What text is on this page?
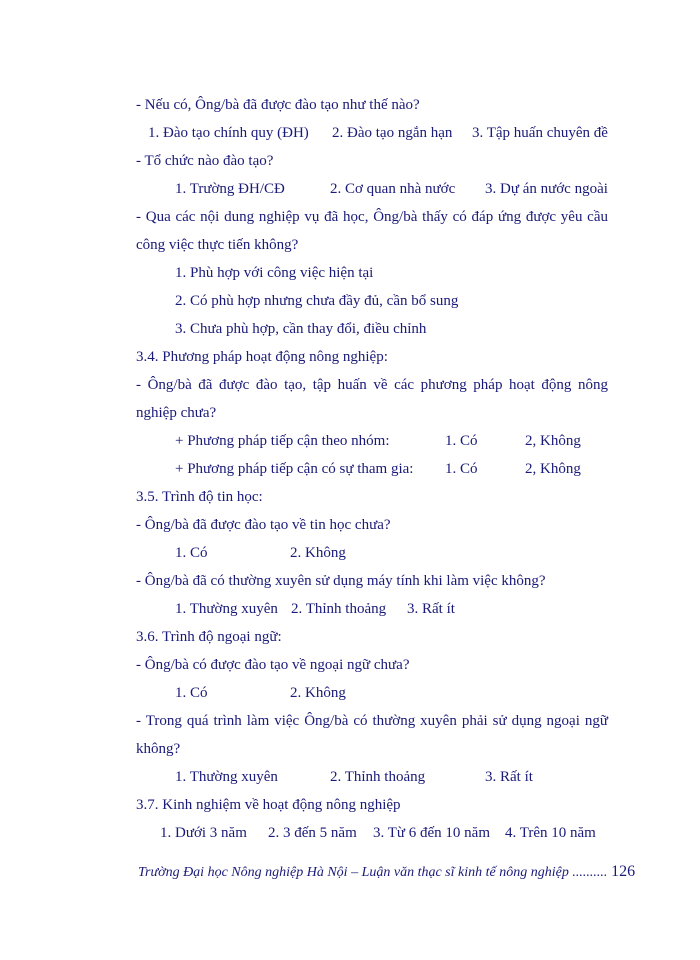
- Nếu có, Ông/bà đã được đào tạo như thế nào?
1. Đào tạo chính quy (ĐH) 2. Đào tạo ngắn hạn 3. Tập huấn chuyên đề
- Tổ chức nào đào tạo?
1. Trường ĐH/CĐ	2. Cơ quan nhà nước 3. Dự án nước ngoài
- Qua các nội dung nghiệp vụ đã học, Ông/bà thấy có đáp ứng được yêu cầu
công việc thực tiến không?
1. Phù hợp với công việc hiện tại
2. Có phù hợp nhưng chưa đầy đủ, cần bổ sung
3. Chưa phù hợp, cần thay đổi, điều chỉnh
3.4. Phương pháp hoạt động nông nghiệp:
- Ông/bà đã được đào tạo, tập huấn về các phương pháp hoạt động nông
nghiệp chưa?
+ Phương pháp tiếp cận theo nhóm:	1. Có	2, Không
+ Phương pháp tiếp cận có sự tham gia: 1. Có	2, Không
3.5. Trình độ tin học:
- Ông/bà đã được đào tạo về tin học chưa?
1. Có	2. Không
- Ông/bà đã có thường xuyên sử dụng máy tính khi làm việc không?
1. Thường xuyên 2. Thỉnh thoảng 3. Rất ít
3.6. Trình độ ngoại ngữ:
- Ông/bà có được đào tạo về ngoại ngữ chưa?
1. Có	2. Không
- Trong quá trình làm việc Ông/bà có thường xuyên phải sử dụng ngoại ngữ
không?
1. Thường xuyên	2. Thỉnh thoảng	3. Rất ít
3.7. Kinh nghiệm về hoạt động nông nghiệp
1. Dưới 3 năm 2. 3 đến 5 năm 3. Từ 6 đến 10 năm 4. Trên 10 năm
Trường Đại học Nông nghiệp Hà Nội – Luận văn thạc sĩ kinh tế nông nghiệp .......... 126
